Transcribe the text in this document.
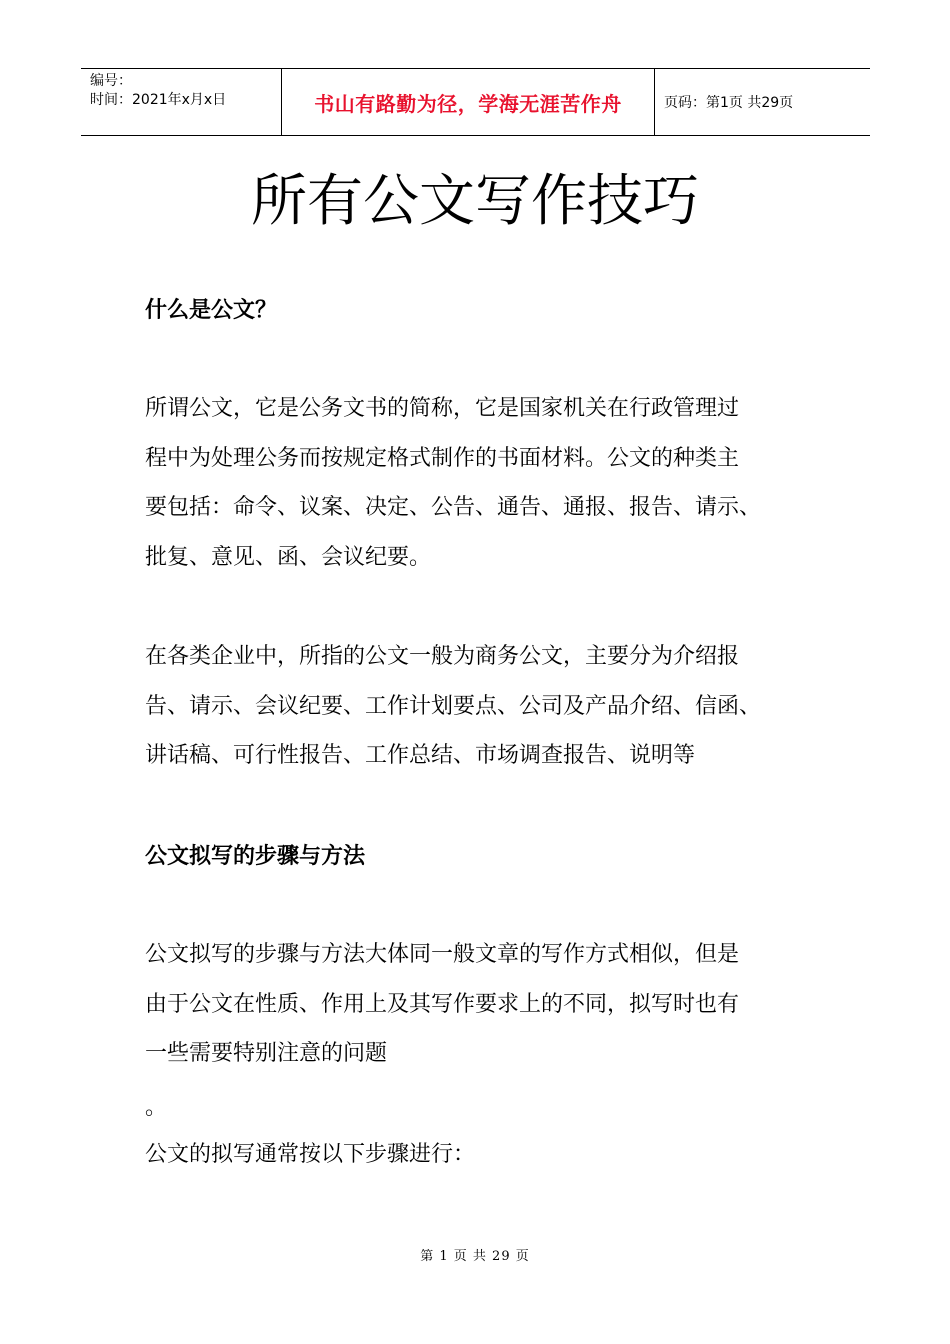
编号：
时间：2021年x月x日	书山有路勤为径，学海无涯苦作舟	页码：第1页 共29页
所有公文写作技巧
什么是公文？

所谓公文，它是公务文书的简称，它是国家机关在行政管理过
程中为处理公务而按规定格式制作的书面材料。公文的种类主
要包括：命令、议案、决定、公告、通告、通报、报告、请示、
批复、意见、函、会议纪要。

在各类企业中，所指的公文一般为商务公文，主要分为介绍报
告、请示、会议纪要、工作计划要点、公司及产品介绍、信函、
讲话稿、可行性报告、工作总结、市场调查报告、说明等

公文拟写的步骤与方法

公文拟写的步骤与方法大体同一般文章的写作方式相似，但是
由于公文在性质、作用上及其写作要求上的不同，拟写时也有
一些需要特别注意的问题

。

公文的拟写通常按以下步骤进行：

第 1 页 共 29 页
